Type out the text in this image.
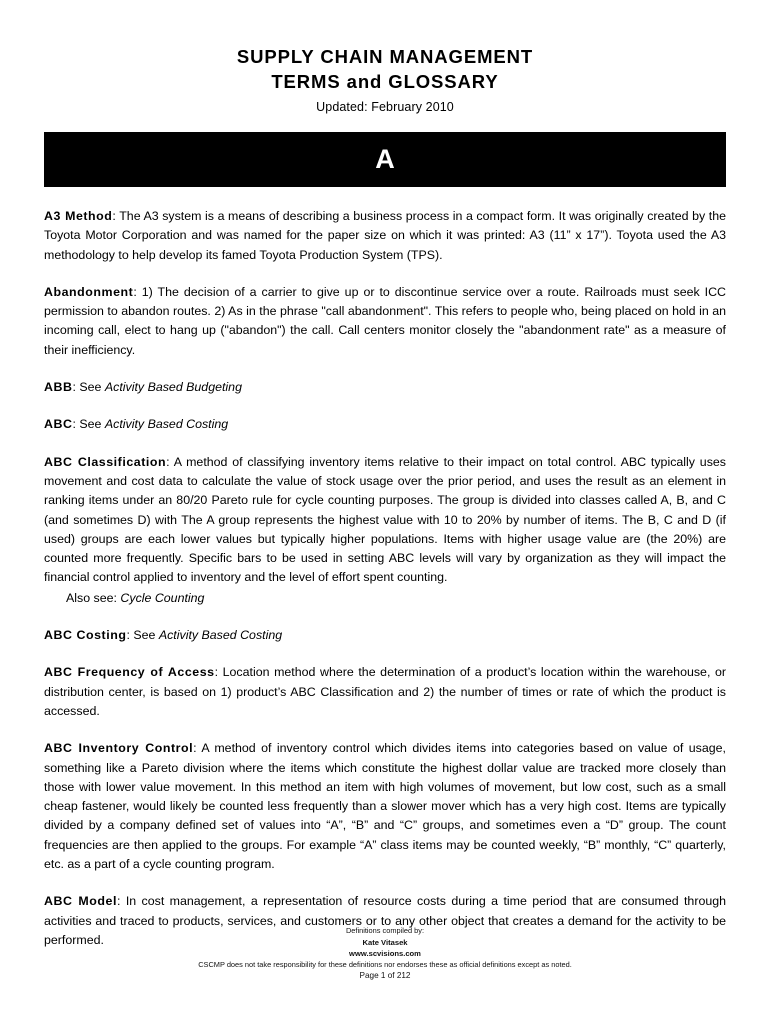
SUPPLY CHAIN MANAGEMENT
TERMS and GLOSSARY
Updated: February 2010
A

A3 Method: The A3 system is a means of describing a business process in a compact form. It was originally created by the Toyota Motor Corporation and was named for the paper size on which it was printed: A3 (11” x 17”). Toyota used the A3 methodology to help develop its famed Toyota Production System (TPS).

Abandonment: 1) The decision of a carrier to give up or to discontinue service over a route. Railroads must seek ICC permission to abandon routes. 2) As in the phrase "call abandonment". This refers to people who, being placed on hold in an incoming call, elect to hang up ("abandon") the call. Call centers monitor closely the "abandonment rate" as a measure of their inefficiency.

ABB: See Activity Based Budgeting

ABC: See Activity Based Costing

ABC Classification: A method of classifying inventory items relative to their impact on total control. ABC typically uses movement and cost data to calculate the value of stock usage over the prior period, and uses the result as an element in ranking items under an 80/20 Pareto rule for cycle counting purposes. The group is divided into classes called A, B, and C (and sometimes D) with The A group represents the highest value with 10 to 20% by number of items. The B, C and D (if used) groups are each lower values but typically higher populations. Items with higher usage value are (the 20%) are counted more frequently. Specific bars to be used in setting ABC levels will vary by organization as they will impact the financial control applied to inventory and the level of effort spent counting.

Also see: Cycle Counting

ABC Costing: See Activity Based Costing

ABC Frequency of Access: Location method where the determination of a product’s location within the warehouse, or distribution center, is based on 1) product’s ABC Classification and 2) the number of times or rate of which the product is accessed.

ABC Inventory Control: A method of inventory control which divides items into categories based on value of usage, something like a Pareto division where the items which constitute the highest dollar value are tracked more closely than those with lower value movement. In this method an item with high volumes of movement, but low cost, such as a small cheap fastener, would likely be counted less frequently than a slower mover which has a very high cost. Items are typically divided by a company defined set of values into “A”, “B” and “C” groups, and sometimes even a “D” group. The count frequencies are then applied to the groups. For example “A” class items may be counted weekly, “B” monthly, “C” quarterly, etc. as a part of a cycle counting program.

ABC Model: In cost management, a representation of resource costs during a time period that are consumed through activities and traced to products, services, and customers or to any other object that creates a demand for the activity to be performed.

Definitions compiled by:
Kate Vitasek
www.scvisions.com
CSCMP does not take responsibility for these definitions nor endorses these as official definitions except as noted.
Page 1 of 212
